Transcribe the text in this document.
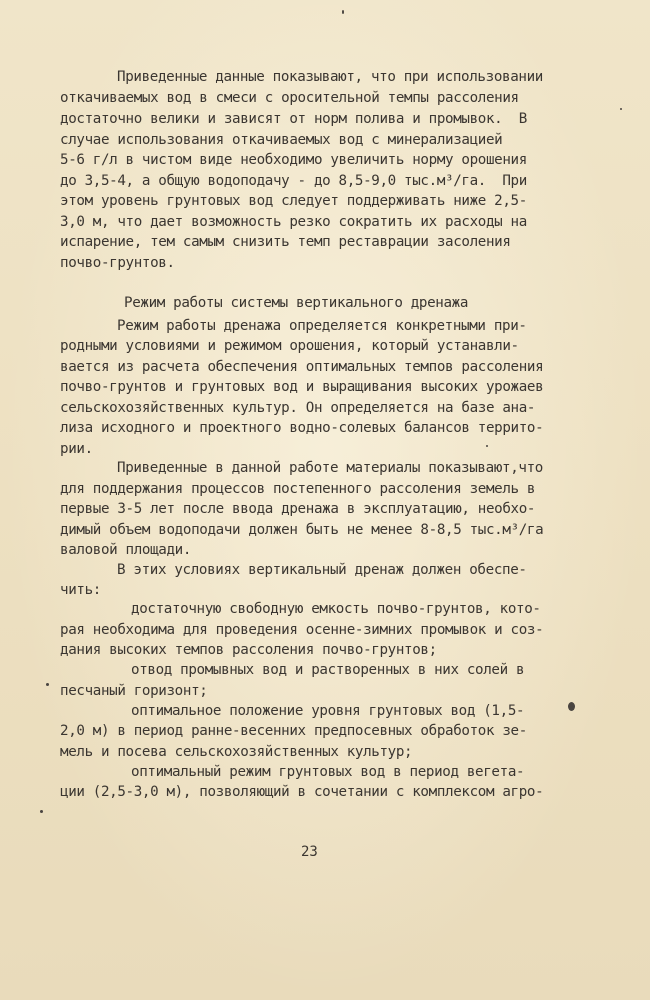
Приведенные данные показывают, что при использовании
откачиваемых вод в смеси с оросительной темпы рассоления
достаточно велики и зависят от норм полива и промывок.  В
случае использования откачиваемых вод с минерализацией
5-6 г/л в чистом виде необходимо увеличить норму орошения
до 3,5-4, а общую водоподачу - до 8,5-9,0 тыс.м³/га.  При
этом уровень грунтовых вод следует поддерживать ниже 2,5-
3,0 м, что дает возможность резко сократить их расходы на
испарение, тем самым снизить темп реставрации засоления
почво-грунтов.
Режим работы системы вертикального дренажа
Режим работы дренажа определяется конкретными при-
родными условиями и режимом орошения, который устанавли-
вается из расчета обеспечения оптимальных темпов рассоления
почво-грунтов и грунтовых вод и выращивания высоких урожаев
сельскохозяйственных культур. Он определяется на базе ана-
лиза исходного и проектного водно-солевых балансов террито-
рии.
Приведенные в данной работе материалы показывают,что
для поддержания процессов постепенного рассоления земель в
первые 3-5 лет после ввода дренажа в эксплуатацию, необхо-
димый объем водоподачи должен быть не менее 8-8,5 тыс.м³/га
валовой площади.
В этих условиях вертикальный дренаж должен обеспе-
чить:
достаточную свободную емкость почво-грунтов, кото-
рая необходима для проведения осенне-зимних промывок и соз-
дания высоких темпов рассоления почво-грунтов;
отвод промывных вод и растворенных в них солей в
песчаный горизонт;
оптимальное положение уровня грунтовых вод (1,5-
2,0 м) в период ранне-весенних предпосевных обработок зе-
мель и посева сельскохозяйственных культур;
оптимальный режим грунтовых вод в период вегета-
ции (2,5-3,0 м), позволяющий в сочетании с комплексом агро-
23
